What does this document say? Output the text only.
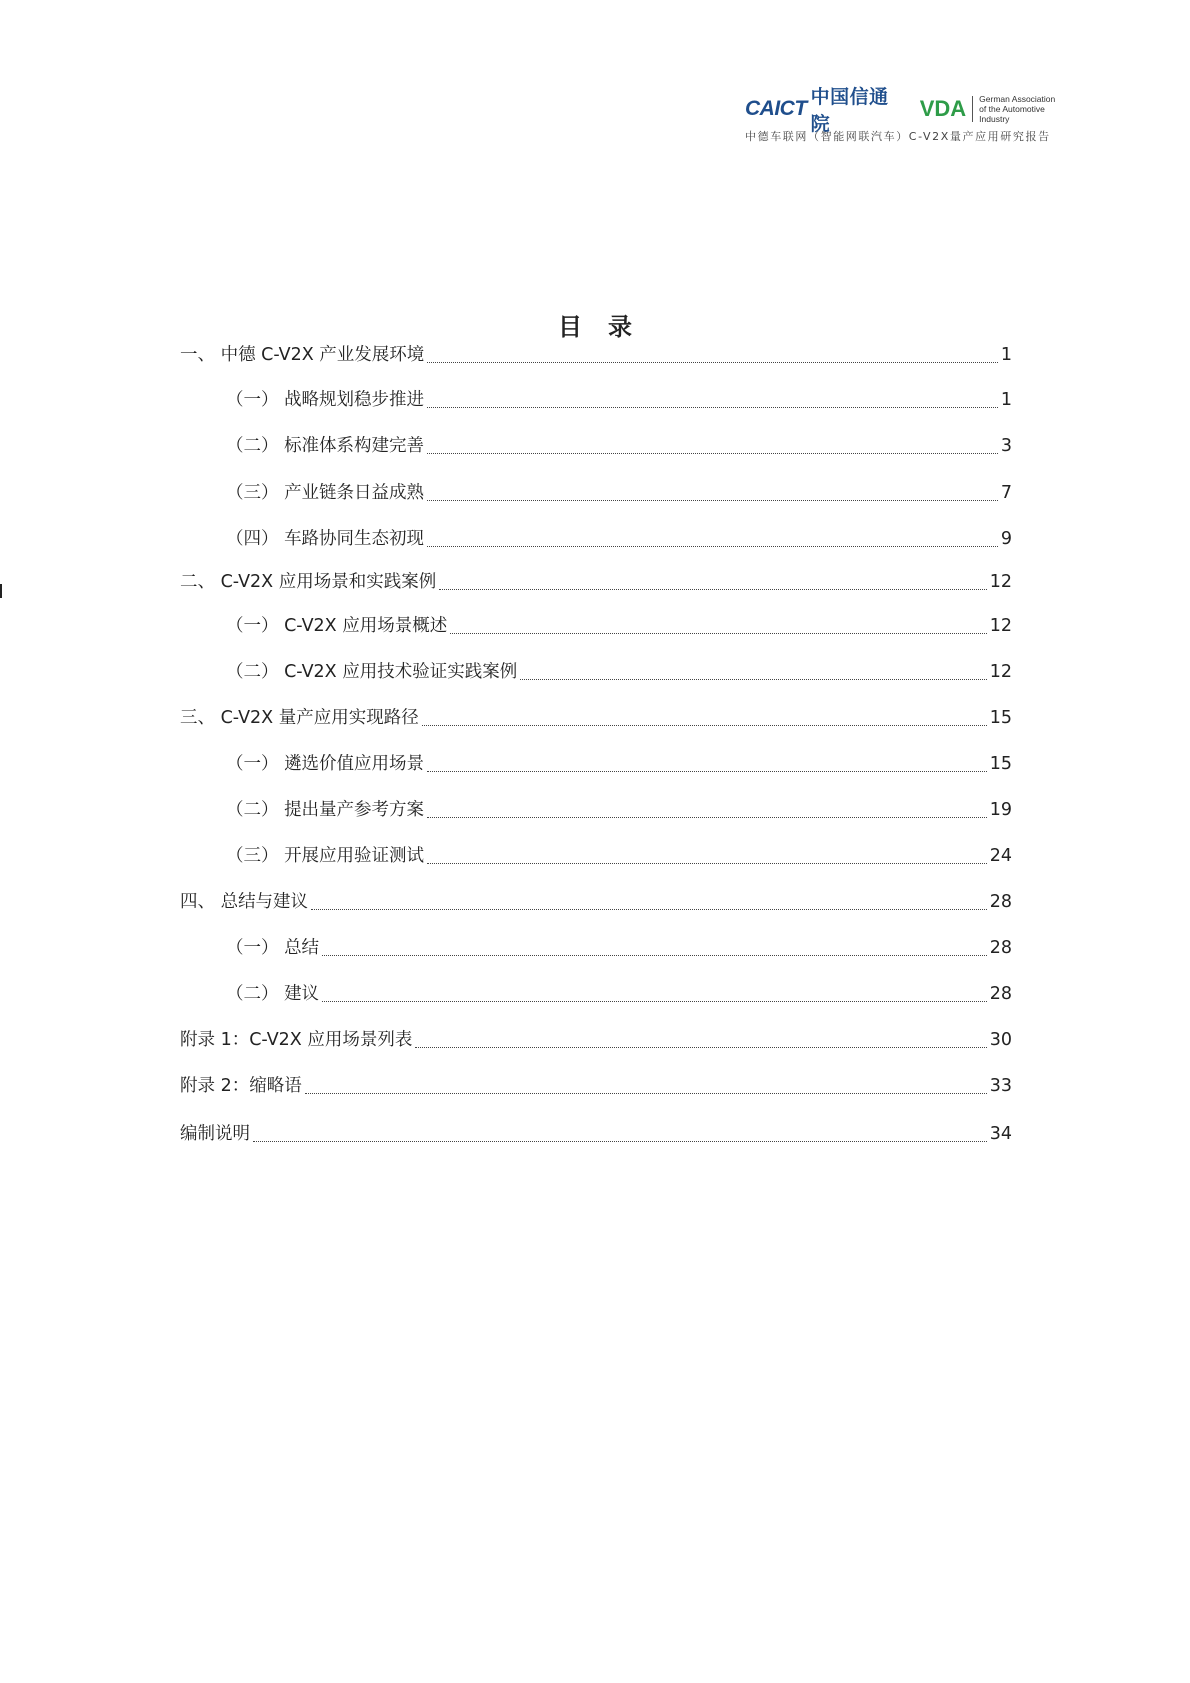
CAICT 中国信通院
VDA German Association
of the Automotive Industry
中德车联网（智能网联汽车）C-V2X量产应用研究报告
目录
一、 中德 C-V2X 产业发展环境	1
（一） 战略规划稳步推进	1
（二） 标准体系构建完善	3
（三） 产业链条日益成熟	7
（四） 车路协同生态初现	9
二、 C-V2X 应用场景和实践案例	12
（一） C-V2X 应用场景概述	12
（二） C-V2X 应用技术验证实践案例	12
三、 C-V2X 量产应用实现路径	15
（一） 遴选价值应用场景	15
（二） 提出量产参考方案	19
（三） 开展应用验证测试	24
四、 总结与建议	28
（一） 总结	28
（二） 建议	28
附录 1：C-V2X 应用场景列表	30
附录 2：缩略语	33
编制说明	34
